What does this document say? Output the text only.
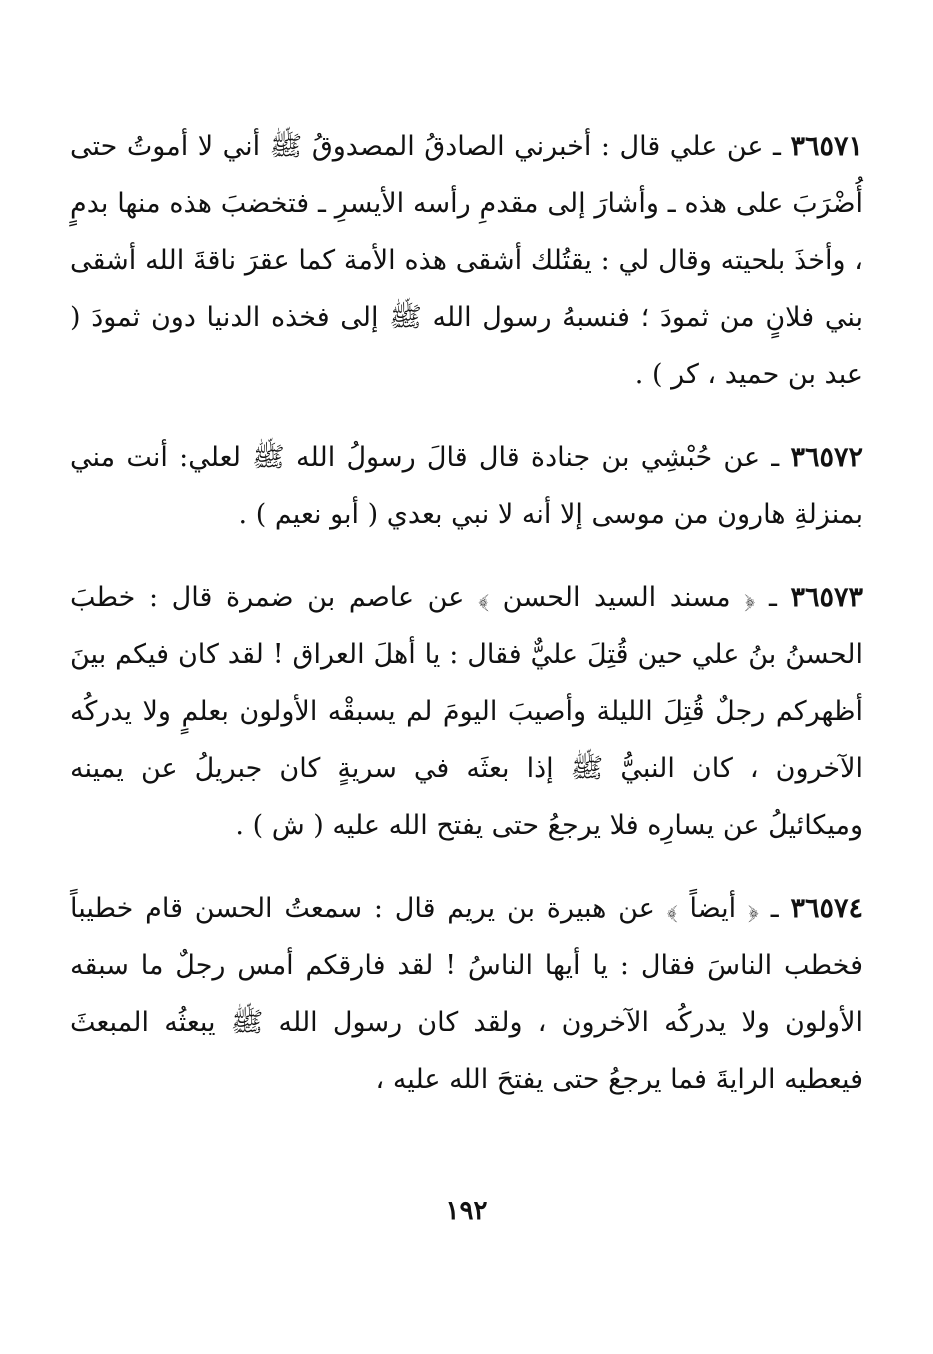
٣٦٥٧١ ـ عن علي قال : أخبرني الصادقُ المصدوقُ ﷺ أني لا أموتُ حتى أُضْرَبَ على هذه ـ وأشارَ إلى مقدمِ رأسه الأيسرِ ـ فتخضبَ هذه منها بدمٍ ، وأخذَ بلحيته وقال لي : يقتُلك أشقى هذه الأمة كما عقرَ ناقةَ الله أشقى بني فلانٍ من ثمودَ ؛ فنسبهُ رسول الله ﷺ إلى فخذه الدنيا دون ثمودَ ( عبد بن حميد ، كر ) .

٣٦٥٧٢ ـ عن حُبْشِي بن جنادة قال قالَ رسولُ الله ﷺ لعلي: أنت مني بمنزلةِ هارون من موسى إلا أنه لا نبي بعدي ( أبو نعيم ) .

٣٦٥٧٣ ـ ﴿ مسند السيد الحسن ﴾ عن عاصم بن ضمرة قال : خطبَ الحسنُ بنُ علي حين قُتِلَ عليٌّ فقال : يا أهلَ العراق ! لقد كان فيكم بينَ أظهركم رجلٌ قُتِلَ الليلة وأصيبَ اليومَ لم يسبقْه الأولون بعلمٍ ولا يدركُه الآخرون ، كان النبيُّ ﷺ إذا بعثَه في سريةٍ كان جبريلُ عن يمينه وميكائيلُ عن يسارِه فلا يرجعُ حتى يفتح الله عليه ( ش ) .

٣٦٥٧٤ ـ ﴿ أيضاً ﴾ عن هبيرة بن يريم قال : سمعتُ الحسن قام خطيباً فخطب الناسَ فقال : يا أيها الناسُ ! لقد فارقكم أمس رجلٌ ما سبقه الأولون ولا يدركُه الآخرون ، ولقد كان رسول الله ﷺ يبعثُه المبعثَ فيعطيه الرايةَ فما يرجعُ حتى يفتحَ الله عليه ،

١٩٢
